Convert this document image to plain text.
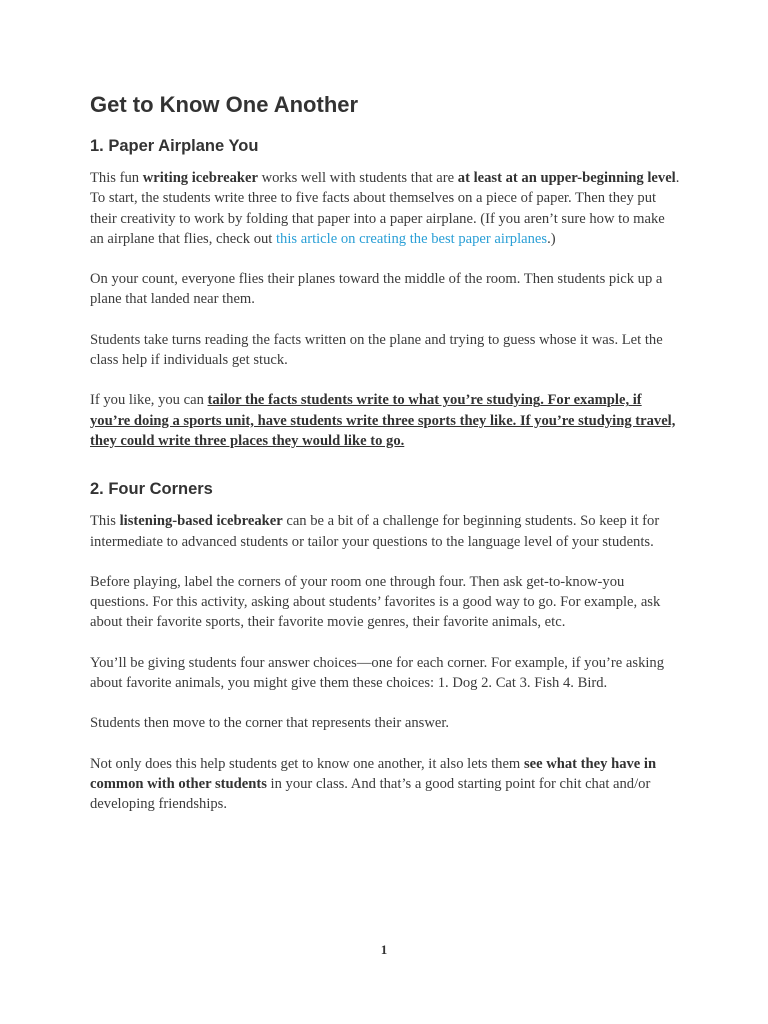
Get to Know One Another
1. Paper Airplane You

This fun writing icebreaker works well with students that are at least at an upper-beginning level.

To start, the students write three to five facts about themselves on a piece of paper. Then they put their creativity to work by folding that paper into a paper airplane. (If you aren’t sure how to make an airplane that flies, check out this article on creating the best paper airplanes.)

On your count, everyone flies their planes toward the middle of the room. Then students pick up a plane that landed near them.

Students take turns reading the facts written on the plane and trying to guess whose it was. Let the class help if individuals get stuck.

If you like, you can tailor the facts students write to what you’re studying. For example, if you’re doing a sports unit, have students write three sports they like. If you’re studying travel, they could write three places they would like to go.

2. Four Corners

This listening-based icebreaker can be a bit of a challenge for beginning students. So keep it for intermediate to advanced students or tailor your questions to the language level of your students.

Before playing, label the corners of your room one through four. Then ask get-to-know-you questions. For this activity, asking about students’ favorites is a good way to go. For example, ask about their favorite sports, their favorite movie genres, their favorite animals, etc.

You’ll be giving students four answer choices—one for each corner. For example, if you’re asking about favorite animals, you might give them these choices: 1. Dog 2. Cat 3. Fish 4. Bird.

Students then move to the corner that represents their answer.

Not only does this help students get to know one another, it also lets them see what they have in common with other students in your class. And that’s a good starting point for chit chat and/or developing friendships.

1
